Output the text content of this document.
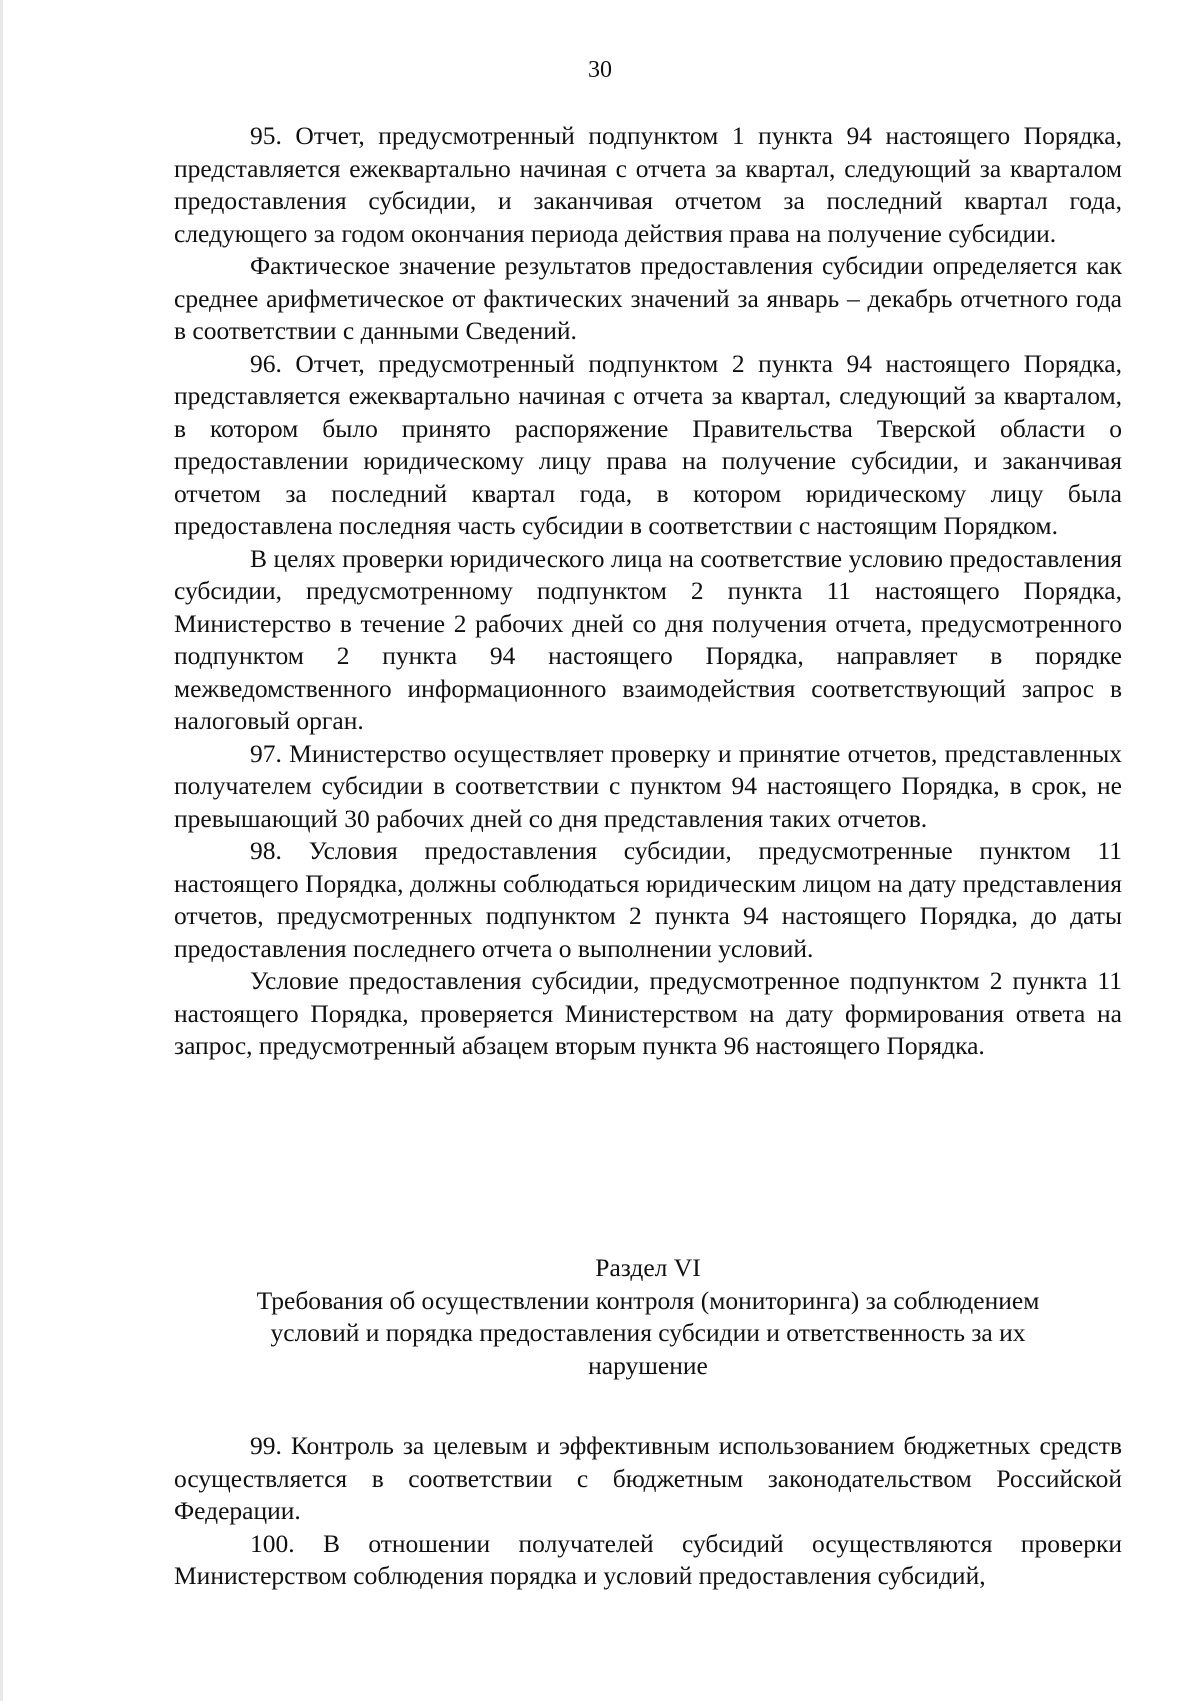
30

95. Отчет, предусмотренный подпунктом 1 пункта 94 настоящего Порядка, представляется ежеквартально начиная с отчета за квартал, следующий за кварталом предоставления субсидии, и заканчивая отчетом за последний квартал года, следующего за годом окончания периода действия права на получение субсидии.

Фактическое значение результатов предоставления субсидии определяется как среднее арифметическое от фактических значений за январь – декабрь отчетного года в соответствии с данными Сведений.

96. Отчет, предусмотренный подпунктом 2 пункта 94 настоящего Порядка, представляется ежеквартально начиная с отчета за квартал, следующий за кварталом, в котором было принято распоряжение Правительства Тверской области о предоставлении юридическому лицу права на получение субсидии, и заканчивая отчетом за последний квартал года, в котором юридическому лицу была предоставлена последняя часть субсидии в соответствии с настоящим Порядком.

В целях проверки юридического лица на соответствие условию предоставления субсидии, предусмотренному подпунктом 2 пункта 11 настоящего Порядка, Министерство в течение 2 рабочих дней со дня получения отчета, предусмотренного подпунктом 2 пункта 94 настоящего Порядка, направляет в порядке межведомственного информационного взаимодействия соответствующий запрос в налоговый орган.

97. Министерство осуществляет проверку и принятие отчетов, представленных получателем субсидии в соответствии с пунктом 94 настоящего Порядка, в срок, не превышающий 30 рабочих дней со дня представления таких отчетов.

98. Условия предоставления субсидии, предусмотренные пунктом 11 настоящего Порядка, должны соблюдаться юридическим лицом на дату представления отчетов, предусмотренных подпунктом 2 пункта 94 настоящего Порядка, до даты предоставления последнего отчета о выполнении условий.

Условие предоставления субсидии, предусмотренное подпунктом 2 пункта 11 настоящего Порядка, проверяется Министерством на дату формирования ответа на запрос, предусмотренный абзацем вторым пункта 96 настоящего Порядка.

Раздел VI
Требования об осуществлении контроля (мониторинга) за соблюдением
условий и порядка предоставления субсидии и ответственность за их
нарушение

99. Контроль за целевым и эффективным использованием бюджетных средств осуществляется в соответствии с бюджетным законодательством Российской Федерации.

100. В отношении получателей субсидий осуществляются проверки Министерством соблюдения порядка и условий предоставления субсидий,
